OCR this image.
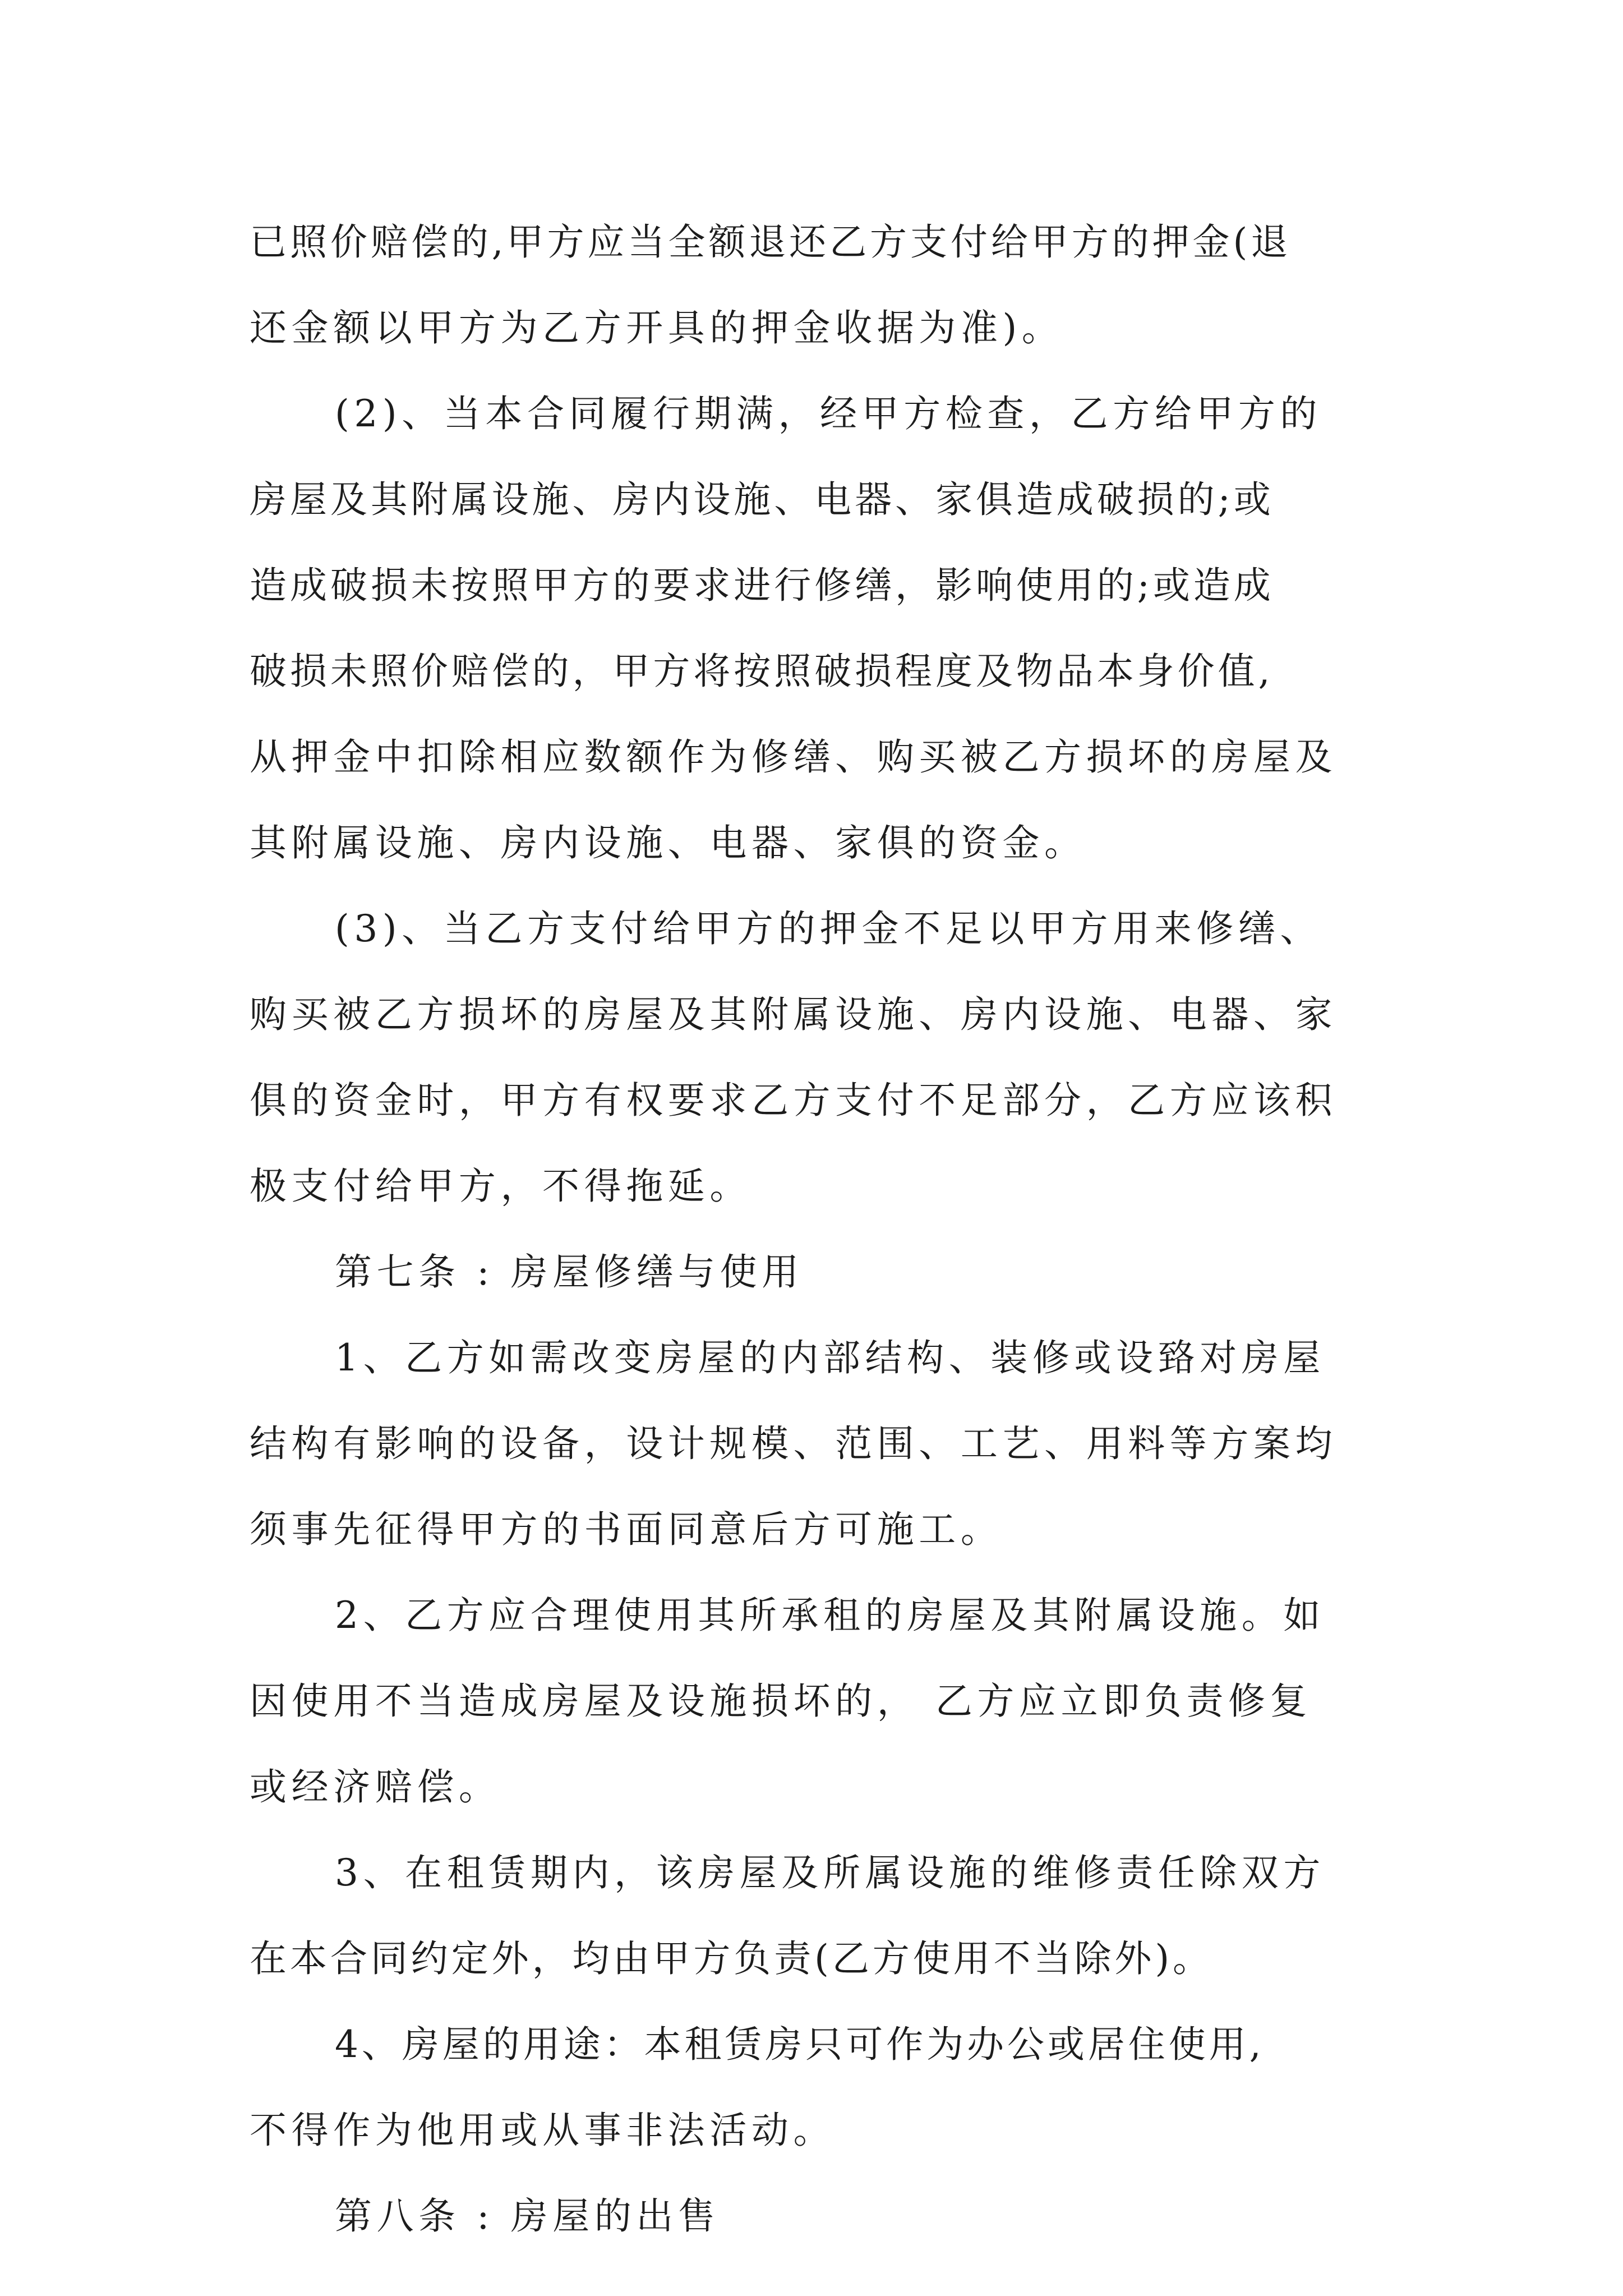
已照价赔偿的,甲方应当全额退还乙方支付给甲方的押金(退
还金额以甲方为乙方开具的押金收据为准)。
(2)、当本合同履行期满，经甲方检查，乙方给甲方的
房屋及其附属设施、房内设施、电器、家俱造成破损的;或
造成破损未按照甲方的要求进行修缮，影响使用的;或造成
破损未照价赔偿的，甲方将按照破损程度及物品本身价值,
从押金中扣除相应数额作为修缮、购买被乙方损坏的房屋及
其附属设施、房内设施、电器、家俱的资金。
(3)、当乙方支付给甲方的押金不足以甲方用来修缮、
购买被乙方损坏的房屋及其附属设施、房内设施、电器、家
俱的资金时，甲方有权要求乙方支付不足部分，乙方应该积
极支付给甲方，不得拖延。
第七条 : 房屋修缮与使用
1、乙方如需改变房屋的内部结构、装修或设臵对房屋
结构有影响的设备，设计规模、范围、工艺、用料等方案均
须事先征得甲方的书面同意后方可施工。
2、乙方应合理使用其所承租的房屋及其附属设施。如
因使用不当造成房屋及设施损坏的， 乙方应立即负责修复
或经济赔偿。
3、在租赁期内，该房屋及所属设施的维修责任除双方
在本合同约定外，均由甲方负责(乙方使用不当除外)。
4、房屋的用途：本租赁房只可作为办公或居住使用,
不得作为他用或从事非法活动。
第八条 : 房屋的出售
